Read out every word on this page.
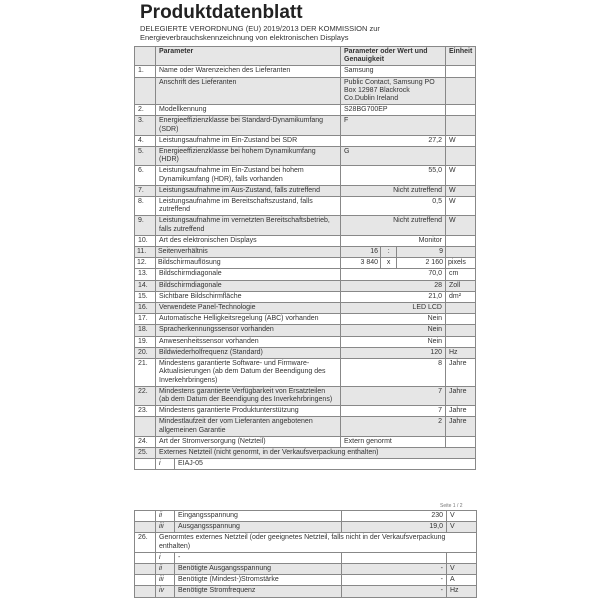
Produktdatenblatt
DELEGIERTE VERORDNUNG (EU) 2019/2013 DER KOMMISSION zur Energieverbrauchskennzeichnung von elektronischen Displays
	Parameter	Parameter oder Wert und Genauigkeit			Einheit
1.	Name oder Warenzeichen des Lieferanten	Samsung			
	Anschrift des Lieferanten	Public Contact, Samsung PO Box 12987 Blackrock Co.Dublin Ireland			
2.	Modellkennung	S28BG700EP			
3.	Energieeffizienzklasse bei Standard-Dynamikumfang (SDR)	F			
4.	Leistungsaufnahme im Ein-Zustand bei SDR	27,2			W
5.	Energieeffizienzklasse bei hohem Dynamikumfang (HDR)	G			
6.	Leistungsaufnahme im Ein-Zustand bei hohem Dynamikumfang (HDR), falls vorhanden	55,0			W
7.	Leistungsaufnahme im Aus-Zustand, falls zutreffend	Nicht zutreffend			W
8.	Leistungsaufnahme im Bereitschaftszustand, falls zutreffend	0,5			W
9.	Leistungsaufnahme im vernetzten Bereitschaftsbetrieb, falls zutreffend	Nicht zutreffend			W
10.	Art des elektronischen Displays	Monitor			
11.	Seitenverhältnis	16	:	9	
12.	Bildschirmauflösung	3 840	x	2 160	pixels
13.	Bildschirmdiagonale	70,0			cm
14.	Bildschirmdiagonale	28			Zoll
15.	Sichtbare Bildschirmfläche	21,0			dm²
16.	Verwendete Panel-Technologie	LED LCD			
17.	Automatische Helligkeitsregelung (ABC) vorhanden	Nein			
18.	Spracherkennungssensor vorhanden	Nein			
19.	Anwesenheitssensor vorhanden	Nein			
20.	Bildwiederholfrequenz (Standard)	120			Hz
21.	Mindestens garantierte Software- und Firmware-Aktualisierungen (ab dem Datum der Beendigung des Inverkehrbringens)	8			Jahre
22.	Mindestens garantierte Verfügbarkeit von Ersatzteilen (ab dem Datum der Beendigung des Inverkehrbringens)	7			Jahre
23.	Mindestens garantierte Produktunterstützung	7			Jahre
	Mindestlaufzeit der vom Lieferanten angebotenen allgemeinen Garantie	2			Jahre
24.	Art der Stromversorgung (Netzteil)	Extern genormt			
25.	Externes Netzteil (nicht genormt, in der Verkaufsverpackung enthalten)				

	i EIAJ-05				
Seite 1 / 2
	ii	Eingangsspannung	230	V
	iii	Ausgangsspannung	19,0	V
26.	Genormtes externes Netzteil (oder geeignetes Netzteil, falls nicht in der Verkaufsverpackung enthalten)			
	i	-		
	ii	Benötigte Ausgangsspannung	-	V
	iii	Benötigte (Mindest-)Stromstärke	-	A
	iv	Benötigte Stromfrequenz	-	Hz
